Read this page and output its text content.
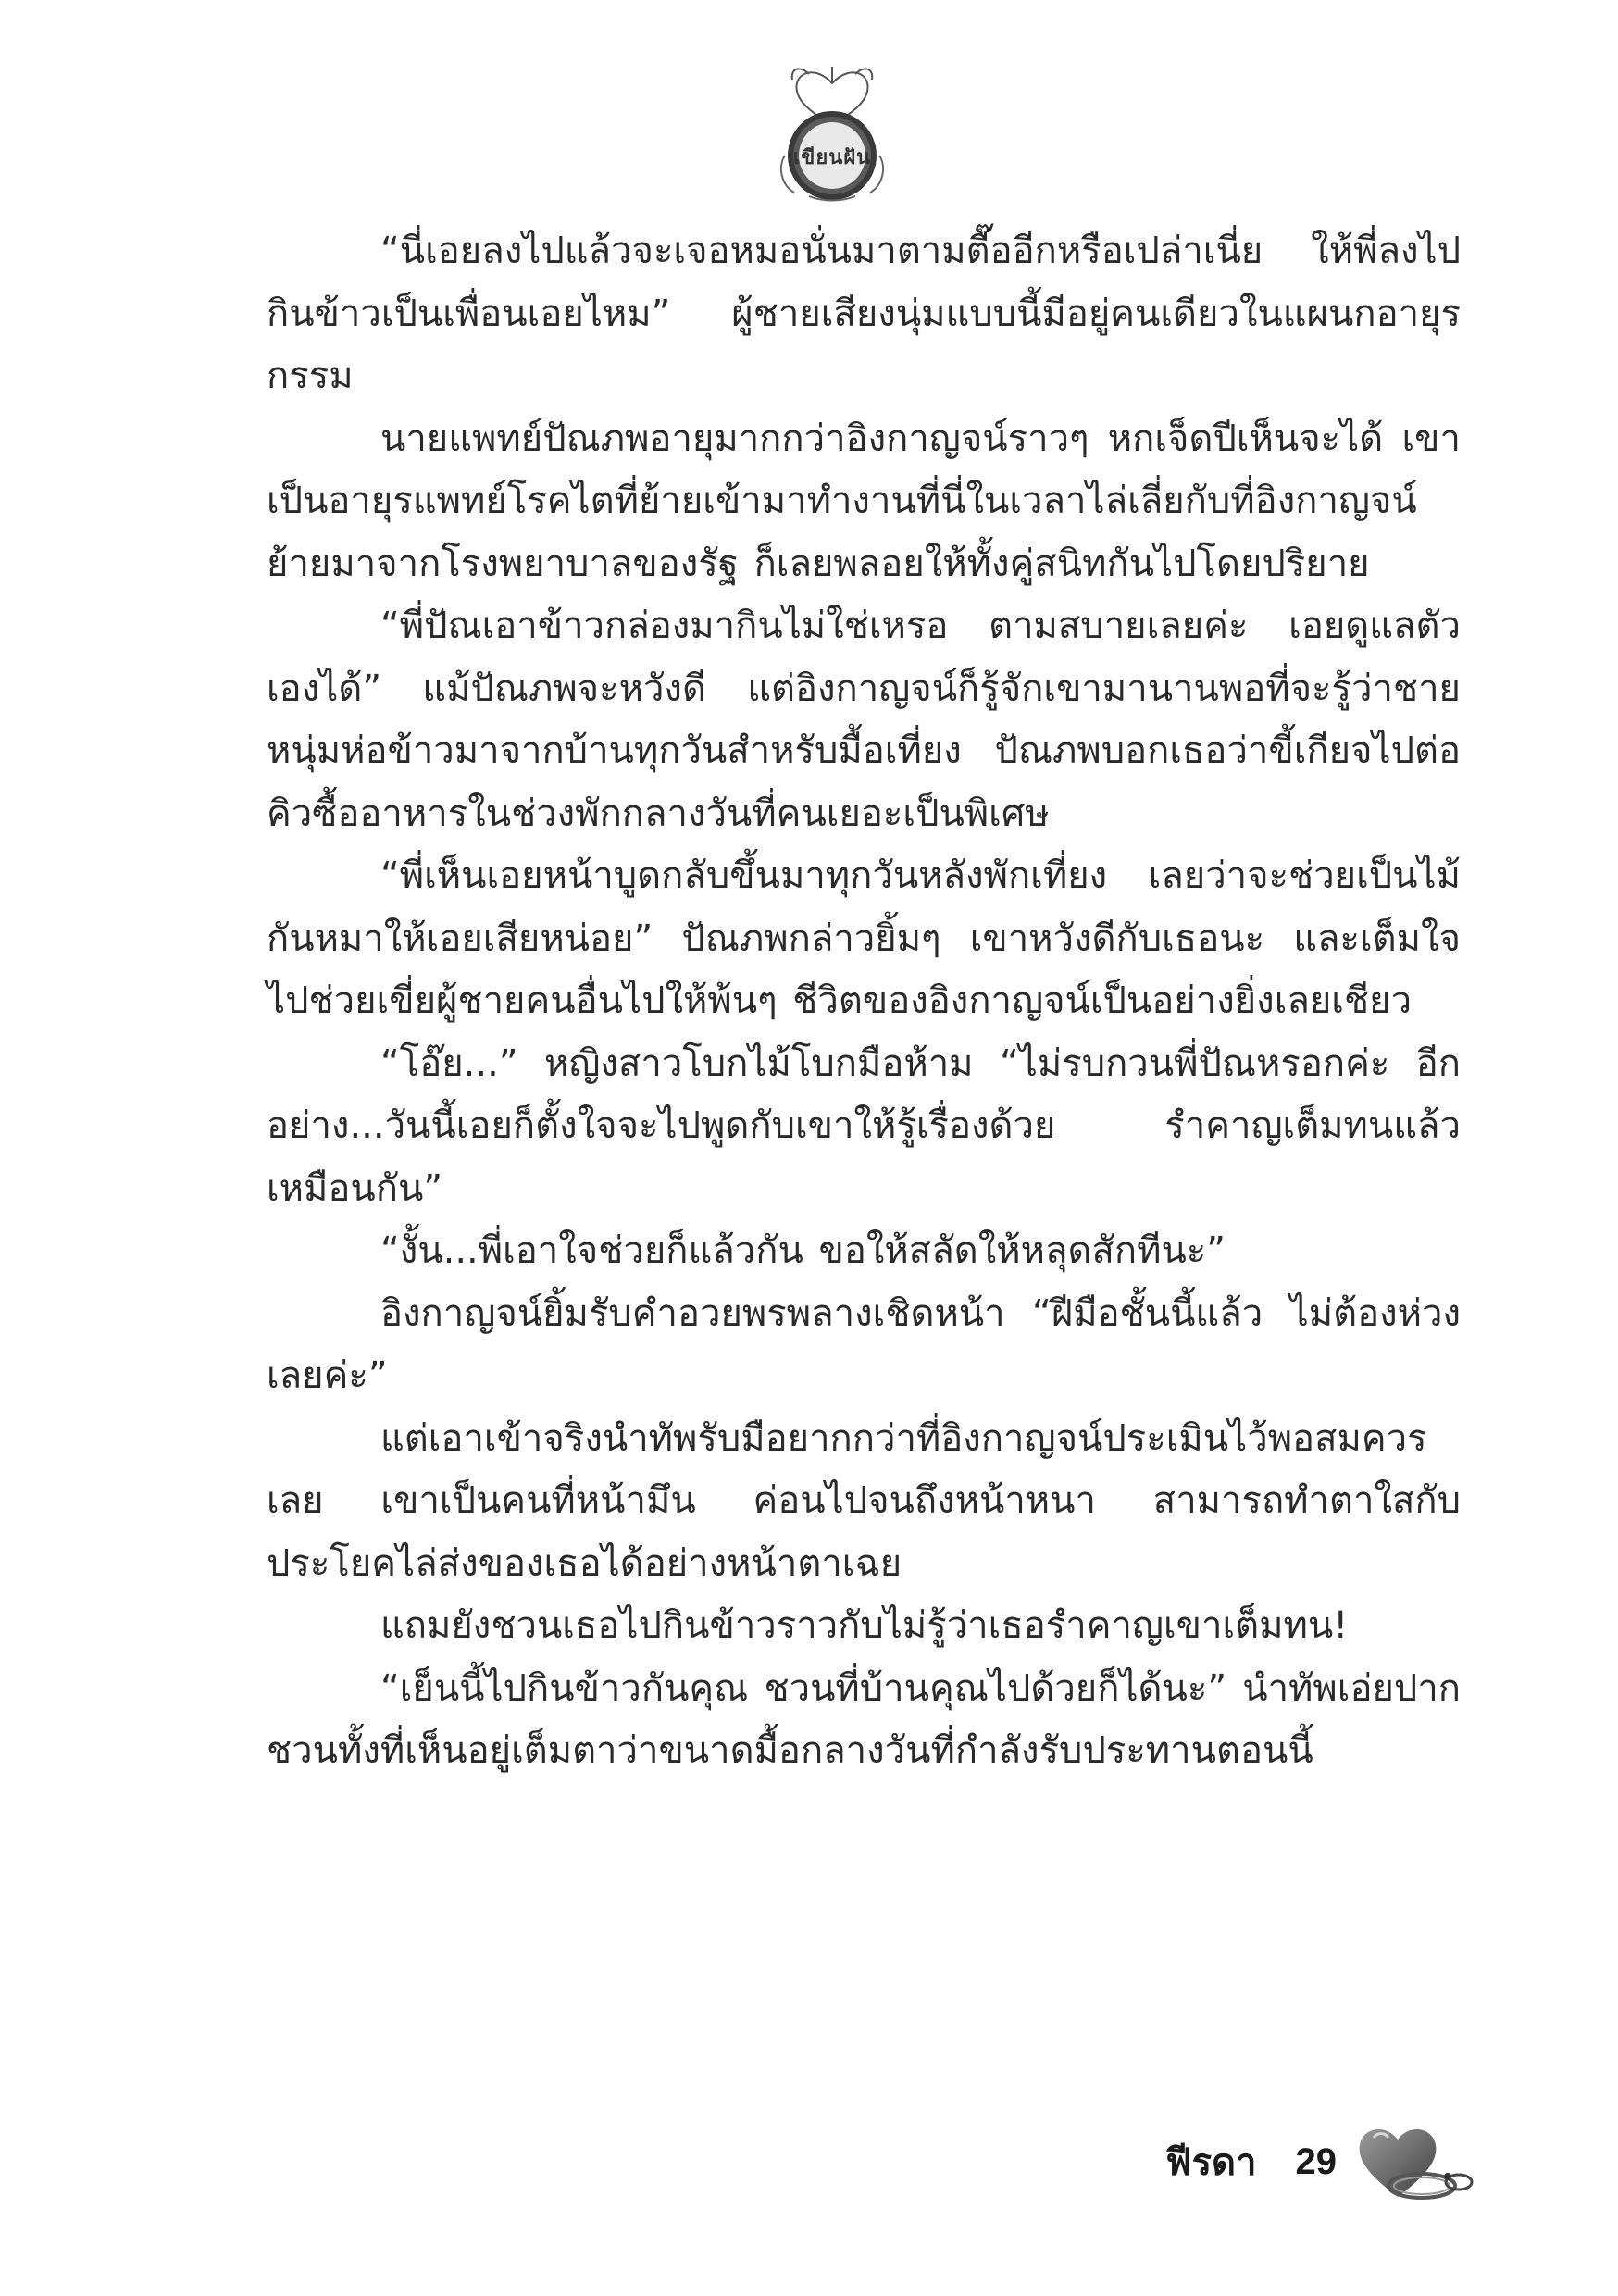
เขียนฝัน

“นี่เอยลงไปแล้วจะเจอหมอนั่นมาตามตื๊ออีกหรือเปล่าเนี่ย ให้พี่ลงไปกินข้าวเป็นเพื่อนเอยไหม” ผู้ชายเสียงนุ่มแบบนี้มีอยู่คนเดียวในแผนกอายุรกรรม

นายแพทย์ปัณภพอายุมากกว่าอิงกาญจน์ราวๆ หกเจ็ดปีเห็นจะได้ เขาเป็นอายุรแพทย์โรคไตที่ย้ายเข้ามาทำงานที่นี่ในเวลาไล่เลี่ยกับที่อิงกาญจน์ย้ายมาจากโรงพยาบาลของรัฐ ก็เลยพลอยให้ทั้งคู่สนิทกันไปโดยปริยาย

“พี่ปัณเอาข้าวกล่องมากินไม่ใช่เหรอ ตามสบายเลยค่ะ เอยดูแลตัวเองได้” แม้ปัณภพจะหวังดี แต่อิงกาญจน์ก็รู้จักเขามานานพอที่จะรู้ว่าชายหนุ่มห่อข้าวมาจากบ้านทุกวันสำหรับมื้อเที่ยง ปัณภพบอกเธอว่าขี้เกียจไปต่อคิวซื้ออาหารในช่วงพักกลางวันที่คนเยอะเป็นพิเศษ

“พี่เห็นเอยหน้าบูดกลับขึ้นมาทุกวันหลังพักเที่ยง เลยว่าจะช่วยเป็นไม้กันหมาให้เอยเสียหน่อย” ปัณภพกล่าวยิ้มๆ เขาหวังดีกับเธอนะ และเต็มใจไปช่วยเขี่ยผู้ชายคนอื่นไปให้พ้นๆ ชีวิตของอิงกาญจน์เป็นอย่างยิ่งเลยเชียว

“โอ๊ย...” หญิงสาวโบกไม้โบกมือห้าม “ไม่รบกวนพี่ปัณหรอกค่ะ อีกอย่าง...วันนี้เอยก็ตั้งใจจะไปพูดกับเขาให้รู้เรื่องด้วย รำคาญเต็มทนแล้วเหมือนกัน”

“งั้น...พี่เอาใจช่วยก็แล้วกัน ขอให้สลัดให้หลุดสักทีนะ”

อิงกาญจน์ยิ้มรับคำอวยพรพลางเชิดหน้า “ฝีมือชั้นนี้แล้ว ไม่ต้องห่วงเลยค่ะ”

แต่เอาเข้าจริงนำทัพรับมือยากกว่าที่อิงกาญจน์ประเมินไว้พอสมควรเลย เขาเป็นคนที่หน้ามึน ค่อนไปจนถึงหน้าหนา สามารถทำตาใสกับประโยคไล่ส่งของเธอได้อย่างหน้าตาเฉย

แถมยังชวนเธอไปกินข้าวราวกับไม่รู้ว่าเธอรำคาญเขาเต็มทน!

“เย็นนี้ไปกินข้าวกันคุณ ชวนที่บ้านคุณไปด้วยก็ได้นะ” นำทัพเอ่ยปากชวนทั้งที่เห็นอยู่เต็มตาว่าขนาดมื้อกลางวันที่กำลังรับประทานตอนนี้

ฟีรดา 29
